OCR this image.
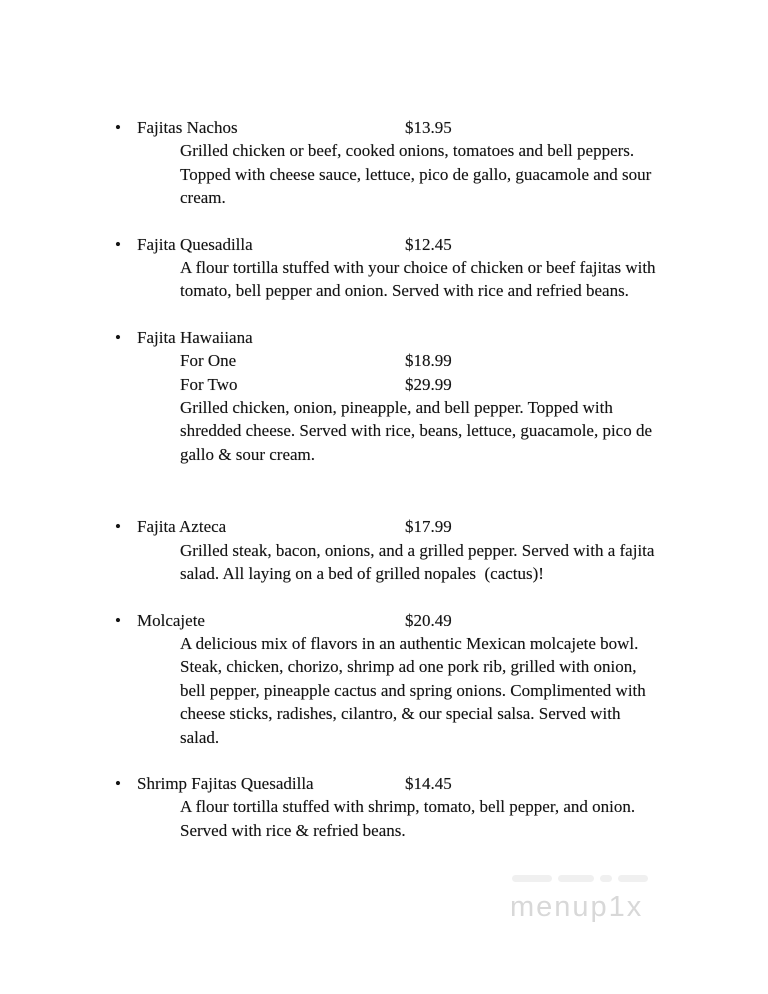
• Fajitas Nachos	$13.95
Grilled chicken or beef, cooked onions, tomatoes and bell peppers.
Topped with cheese sauce, lettuce, pico de gallo, guacamole and sour
cream.
• Fajita Quesadilla	$12.45
A flour tortilla stuffed with your choice of chicken or beef fajitas with
tomato, bell pepper and onion. Served with rice and refried beans.
• Fajita Hawaiiana
For One	$18.99
For Two	$29.99
Grilled chicken, onion, pineapple, and bell pepper. Topped with
shredded cheese. Served with rice, beans, lettuce, guacamole, pico de
gallo & sour cream.
• Fajita Azteca	$17.99
Grilled steak, bacon, onions, and a grilled pepper. Served with a fajita
salad. All laying on a bed of grilled nopales  (cactus)!
• Molcajete	$20.49
A delicious mix of flavors in an authentic Mexican molcajete bowl.
Steak, chicken, chorizo, shrimp ad one pork rib, grilled with onion,
bell pepper, pineapple cactus and spring onions. Complimented with
cheese sticks, radishes, cilantro, & our special salsa. Served with
salad.
• Shrimp Fajitas Quesadilla	$14.45
A flour tortilla stuffed with shrimp, tomato, bell pepper, and onion.
Served with rice & refried beans.
menup1x
